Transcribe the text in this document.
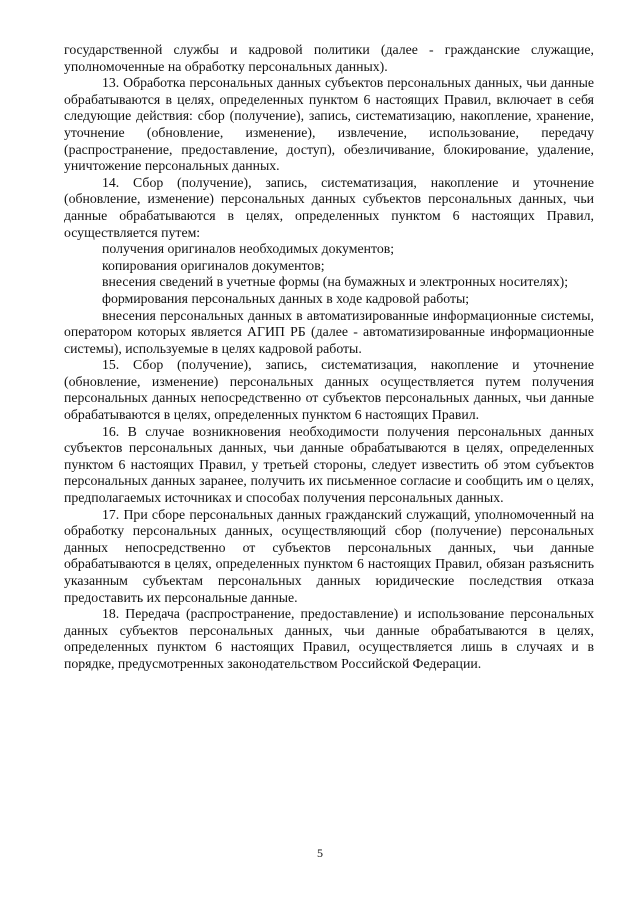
государственной службы и кадровой политики (далее - гражданские служащие, уполномоченные на обработку персональных данных).

13. Обработка персональных данных субъектов персональных данных, чьи данные обрабатываются в целях, определенных пунктом 6 настоящих Правил, включает в себя следующие действия: сбор (получение), запись, систематизацию, накопление, хранение, уточнение (обновление, изменение), извлечение, использование, передачу (распространение, предоставление, доступ), обезличивание, блокирование, удаление, уничтожение персональных данных.

14. Сбор (получение), запись, систематизация, накопление и уточнение (обновление, изменение) персональных данных субъектов персональных данных, чьи данные обрабатываются в целях, определенных пунктом 6 настоящих Правил, осуществляется путем:

получения оригиналов необходимых документов;

копирования оригиналов документов;

внесения сведений в учетные формы (на бумажных и электронных носителях);

формирования персональных данных в ходе кадровой работы;

внесения персональных данных в автоматизированные информационные системы, оператором которых является АГИП РБ (далее - автоматизированные информационные системы), используемые в целях кадровой работы.

15. Сбор (получение), запись, систематизация, накопление и уточнение (обновление, изменение) персональных данных осуществляется путем получения персональных данных непосредственно от субъектов персональных данных, чьи данные обрабатываются в целях, определенных пунктом 6 настоящих Правил.

16. В случае возникновения необходимости получения персональных данных субъектов персональных данных, чьи данные обрабатываются в целях, определенных пунктом 6 настоящих Правил, у третьей стороны, следует известить об этом субъектов персональных данных заранее, получить их письменное согласие и сообщить им о целях, предполагаемых источниках и способах получения персональных данных.

17. При сборе персональных данных гражданский служащий, уполномоченный на обработку персональных данных, осуществляющий сбор (получение) персональных данных непосредственно от субъектов персональных данных, чьи данные обрабатываются в целях, определенных пунктом 6 настоящих Правил, обязан разъяснить указанным субъектам персональных данных юридические последствия отказа предоставить их персональные данные.

18. Передача (распространение, предоставление) и использование персональных данных субъектов персональных данных, чьи данные обрабатываются в целях, определенных пунктом 6 настоящих Правил, осуществляется лишь в случаях и в порядке, предусмотренных законодательством Российской Федерации.

5
